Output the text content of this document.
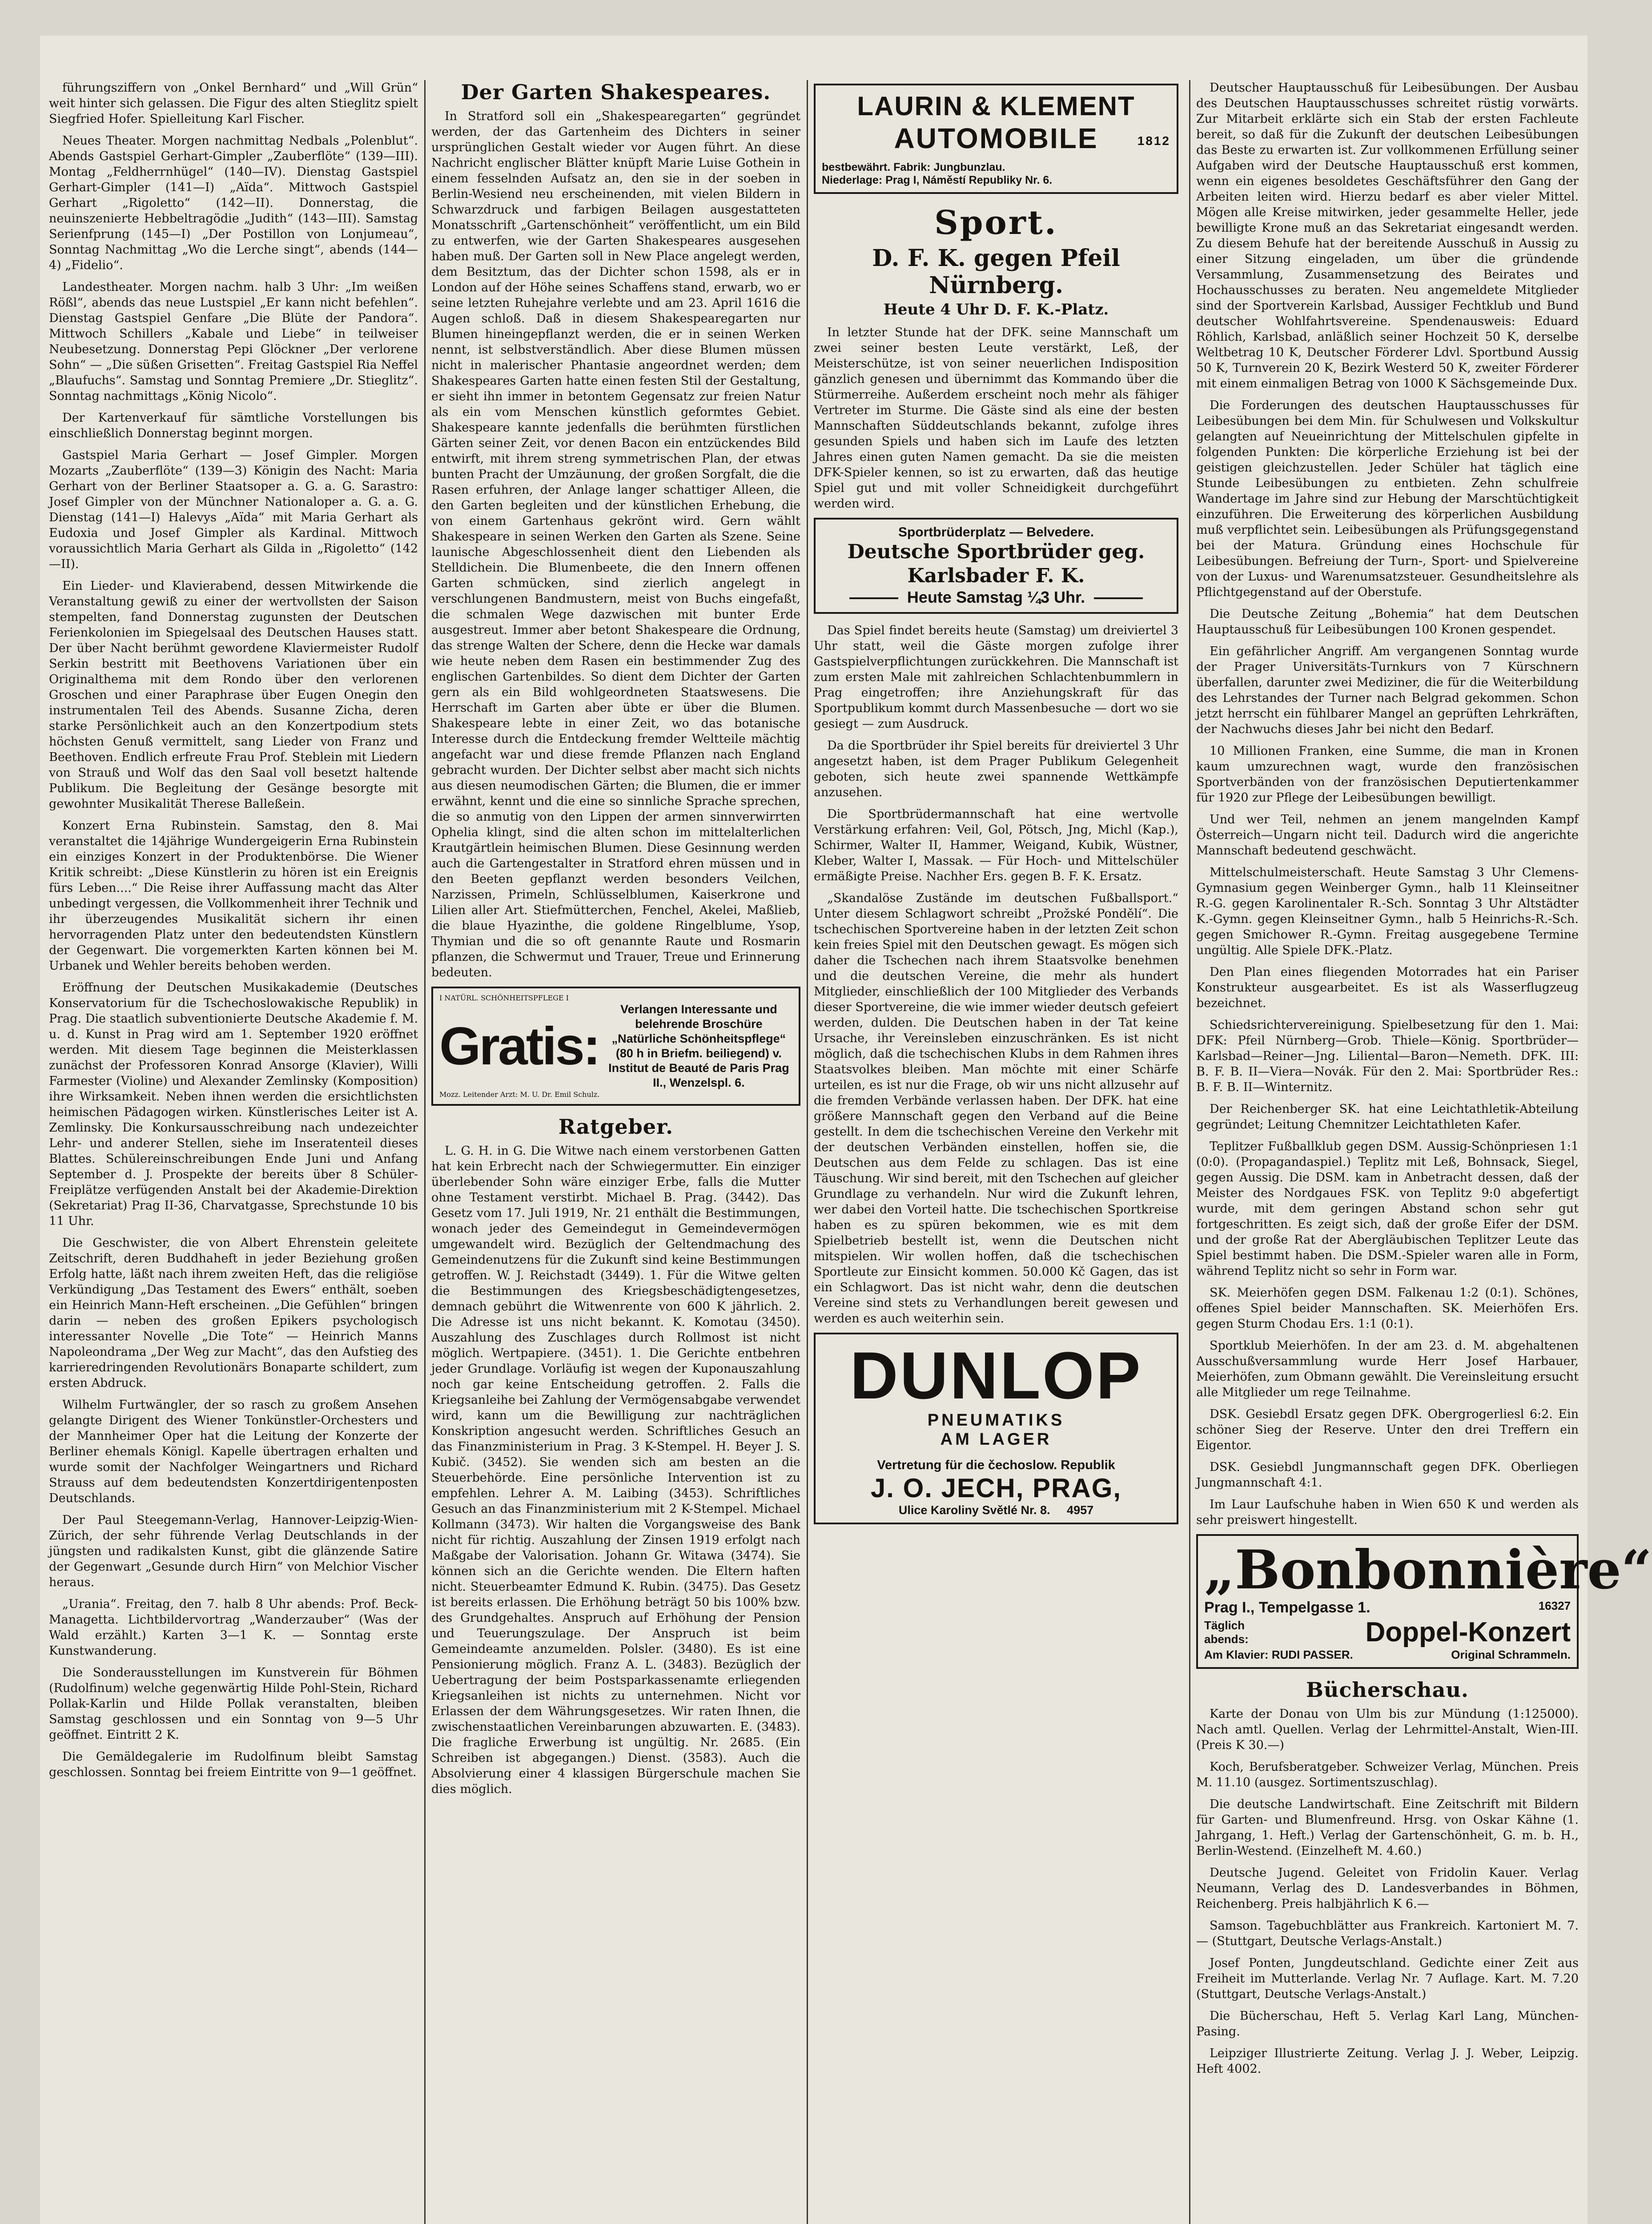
führungsziffern von „Onkel Bernhard“ und „Will Grün“ weit hinter sich gelassen. Die Figur des alten Stieglitz spielt Siegfried Hofer. Spielleitung Karl Fischer.

Neues Theater. Morgen nachmittag Nedbals „Polenblut“. Abends Gastspiel Gerhart-Gimpler „Zauberflöte“ (139—III). Montag „Feldherrnhügel“ (140—IV). Dienstag Gastspiel Gerhart-Gimpler (141—I) „Aïda“. Mittwoch Gastspiel Gerhart „Rigoletto“ (142—II). Donnerstag, die neuinszenierte Hebbeltragödie „Judith“ (143—III). Samstag Serienfprung (145—I) „Der Postillon von Lonjumeau“, Sonntag Nachmittag „Wo die Lerche singt“, abends (144—4) „Fidelio“.

Landestheater. Morgen nachm. halb 3 Uhr: „Im weißen Rößl“, abends das neue Lustspiel „Er kann nicht befehlen“. Dienstag Gastspiel Genfare „Die Blüte der Pandora“. Mittwoch Schillers „Kabale und Liebe“ in teilweiser Neubesetzung. Donnerstag Pepi Glöckner „Der verlorene Sohn“ — „Die süßen Grisetten“. Freitag Gastspiel Ria Neffel „Blaufuchs“. Samstag und Sonntag Premiere „Dr. Stieglitz“. Sonntag nachmittags „König Nicolo“.

Der Kartenverkauf für sämtliche Vorstellungen bis einschließlich Donnerstag beginnt morgen.

Gastspiel Maria Gerhart — Josef Gimpler. Morgen Mozarts „Zauberflöte“ (139—3) Königin des Nacht: Maria Gerhart von der Berliner Staatsoper a. G. a. G. Sarastro: Josef Gimpler von der Münchner Nationaloper a. G. a. G. Dienstag (141—I) Halevys „Aïda“ mit Maria Gerhart als Eudoxia und Josef Gimpler als Kardinal. Mittwoch voraussichtlich Maria Gerhart als Gilda in „Rigoletto“ (142—II).

Ein Lieder- und Klavierabend, dessen Mitwirkende die Veranstaltung gewiß zu einer der wertvollsten der Saison stempelten, fand Donnerstag zugunsten der Deutschen Ferienkolonien im Spiegelsaal des Deutschen Hauses statt. Der über Nacht berühmt gewordene Klaviermeister Rudolf Serkin bestritt mit Beethovens Variationen über ein Originalthema mit dem Rondo über den verlorenen Groschen und einer Paraphrase über Eugen Onegin den instrumentalen Teil des Abends. Susanne Zicha, deren starke Persönlichkeit auch an den Konzertpodium stets höchsten Genuß vermittelt, sang Lieder von Franz und Beethoven. Endlich erfreute Frau Prof. Steblein mit Liedern von Strauß und Wolf das den Saal voll besetzt haltende Publikum. Die Begleitung der Gesänge besorgte mit gewohnter Musikalität Therese Balleßein.

Konzert Erna Rubinstein. Samstag, den 8. Mai veranstaltet die 14jährige Wundergeigerin Erna Rubinstein ein einziges Konzert in der Produktenbörse. Die Wiener Kritik schreibt: „Diese Künstlerin zu hören ist ein Ereignis fürs Leben....“ Die Reise ihrer Auffassung macht das Alter unbedingt vergessen, die Vollkommenheit ihrer Technik und ihr überzeugendes Musikalität sichern ihr einen hervorragenden Platz unter den bedeutendsten Künstlern der Gegenwart. Die vorgemerkten Karten können bei M. Urbanek und Wehler bereits behoben werden.

Eröffnung der Deutschen Musikakademie (Deutsches Konservatorium für die Tschechoslowakische Republik) in Prag. Die staatlich subventionierte Deutsche Akademie f. M. u. d. Kunst in Prag wird am 1. September 1920 eröffnet werden. Mit diesem Tage beginnen die Meisterklassen zunächst der Professoren Konrad Ansorge (Klavier), Willi Farmester (Violine) und Alexander Zemlinsky (Komposition) ihre Wirksamkeit. Neben ihnen werden die ersichtlichsten heimischen Pädagogen wirken. Künstlerisches Leiter ist A. Zemlinsky. Die Konkursausschreibung nach undezeichter Lehr- und anderer Stellen, siehe im Inseratenteil dieses Blattes. Schülereinschreibungen Ende Juni und Anfang September d. J. Prospekte der bereits über 8 Schüler-Freiplätze verfügenden Anstalt bei der Akademie-Direktion (Sekretariat) Prag II-36, Charvatgasse, Sprechstunde 10 bis 11 Uhr.

Die Geschwister, die von Albert Ehrenstein geleitete Zeitschrift, deren Buddhaheft in jeder Beziehung großen Erfolg hatte, läßt nach ihrem zweiten Heft, das die religiöse Verkündigung „Das Testament des Ewers“ enthält, soeben ein Heinrich Mann-Heft erscheinen. „Die Gefühlen“ bringen darin — neben des großen Epikers psychologisch interessanter Novelle „Die Tote“ — Heinrich Manns Napoleondrama „Der Weg zur Macht“, das den Aufstieg des karrieredringenden Revolutionärs Bonaparte schildert, zum ersten Abdruck.

Wilhelm Furtwängler, der so rasch zu großem Ansehen gelangte Dirigent des Wiener Tonkünstler-Orchesters und der Mannheimer Oper hat die Leitung der Konzerte der Berliner ehemals Königl. Kapelle übertragen erhalten und wurde somit der Nachfolger Weingartners und Richard Strauss auf dem bedeutendsten Konzertdirigentenposten Deutschlands.

Der Paul Steegemann-Verlag, Hannover-Leipzig-Wien-Zürich, der sehr führende Verlag Deutschlands in der jüngsten und radikalsten Kunst, gibt die glänzende Satire der Gegenwart „Gesunde durch Hirn“ von Melchior Vischer heraus.

„Urania“. Freitag, den 7. halb 8 Uhr abends: Prof. Beck-Managetta. Lichtbildervortrag „Wanderzauber“ (Was der Wald erzählt.) Karten 3—1 K. — Sonntag erste Kunstwanderung.

Die Sonderausstellungen im Kunstverein für Böhmen (Rudolfinum) welche gegenwärtig Hilde Pohl-Stein, Richard Pollak-Karlin und Hilde Pollak veranstalten, bleiben Samstag geschlossen und ein Sonntag von 9—5 Uhr geöffnet. Eintritt 2 K.

Die Gemäldegalerie im Rudolfinum bleibt Samstag geschlossen. Sonntag bei freiem Eintritte von 9—1 geöffnet.

Der Garten Shakespeares.

In Stratford soll ein „Shakespearegarten“ gegründet werden, der das Gartenheim des Dichters in seiner ursprünglichen Gestalt wieder vor Augen führt. An diese Nachricht englischer Blätter knüpft Marie Luise Gothein in einem fesselnden Aufsatz an, den sie in der soeben in Berlin-Wesiend neu erscheinenden, mit vielen Bildern in Schwarzdruck und farbigen Beilagen ausgestatteten Monatsschrift „Gartenschönheit“ veröffentlicht, um ein Bild zu entwerfen, wie der Garten Shakespeares ausgesehen haben muß. Der Garten soll in New Place angelegt werden, dem Besitztum, das der Dichter schon 1598, als er in London auf der Höhe seines Schaffens stand, erwarb, wo er seine letzten Ruhejahre verlebte und am 23. April 1616 die Augen schloß. Daß in diesem Shakespearegarten nur Blumen hineingepflanzt werden, die er in seinen Werken nennt, ist selbstverständlich. Aber diese Blumen müssen nicht in malerischer Phantasie angeordnet werden; dem Shakespeares Garten hatte einen festen Stil der Gestaltung, er sieht ihn immer in betontem Gegensatz zur freien Natur als ein vom Menschen künstlich geformtes Gebiet. Shakespeare kannte jedenfalls die berühmten fürstlichen Gärten seiner Zeit, vor denen Bacon ein entzückendes Bild entwirft, mit ihrem streng symmetrischen Plan, der etwas bunten Pracht der Umzäunung, der großen Sorgfalt, die die Rasen erfuhren, der Anlage langer schattiger Alleen, die den Garten begleiten und der künstlichen Erhebung, die von einem Gartenhaus gekrönt wird. Gern wählt Shakespeare in seinen Werken den Garten als Szene. Seine launische Abgeschlossenheit dient den Liebenden als Stelldichein. Die Blumenbeete, die den Innern offenen Garten schmücken, sind zierlich angelegt in verschlungenen Bandmustern, meist von Buchs eingefaßt, die schmalen Wege dazwischen mit bunter Erde ausgestreut. Immer aber betont Shakespeare die Ordnung, das strenge Walten der Schere, denn die Hecke war damals wie heute neben dem Rasen ein bestimmender Zug des englischen Gartenbildes. So dient dem Dichter der Garten gern als ein Bild wohlgeordneten Staatswesens. Die Herrschaft im Garten aber übte er über die Blumen. Shakespeare lebte in einer Zeit, wo das botanische Interesse durch die Entdeckung fremder Weltteile mächtig angefacht war und diese fremde Pflanzen nach England gebracht wurden. Der Dichter selbst aber macht sich nichts aus diesen neumodischen Gärten; die Blumen, die er immer erwähnt, kennt und die eine so sinnliche Sprache sprechen, die so anmutig von den Lippen der armen sinnverwirrten Ophelia klingt, sind die alten schon im mittelalterlichen Krautgärtlein heimischen Blumen. Diese Gesinnung werden auch die Gartengestalter in Stratford ehren müssen und in den Beeten gepflanzt werden besonders Veilchen, Narzissen, Primeln, Schlüsselblumen, Kaiserkrone und Lilien aller Art. Stiefmütterchen, Fenchel, Akelei, Maßlieb, die blaue Hyazinthe, die goldene Ringelblume, Ysop, Thymian und die so oft genannte Raute und Rosmarin pflanzen, die Schwermut und Trauer, Treue und Erinnerung bedeuten.

I NATÜRL. SCHÖNHEITSPFLEGE I
Gratis:
Verlangen Interessante und belehrende Broschüre „Natürliche Schönheitspflege“ (80 h in Briefm. beiliegend) v. Institut de Beauté de Paris Prag II., Wenzelspl. 6.
Mozz. Leitender Arzt: M. U. Dr. Emil Schulz.
Ratgeber.

L. G. H. in G. Die Witwe nach einem verstorbenen Gatten hat kein Erbrecht nach der Schwiegermutter. Ein einziger überlebender Sohn wäre einziger Erbe, falls die Mutter ohne Testament verstirbt. Michael B. Prag. (3442). Das Gesetz vom 17. Juli 1919, Nr. 21 enthält die Bestimmungen, wonach jeder des Gemeindegut in Gemeindevermögen umgewandelt wird. Bezüglich der Geltendmachung des Gemeindenutzens für die Zukunft sind keine Bestimmungen getroffen. W. J. Reichstadt (3449). 1. Für die Witwe gelten die Bestimmungen des Kriegsbeschädigtengesetzes, demnach gebührt die Witwenrente von 600 K jährlich. 2. Die Adresse ist uns nicht bekannt. K. Komotau (3450). Auszahlung des Zuschlages durch Rollmost ist nicht möglich. Wertpapiere. (3451). 1. Die Gerichte entbehren jeder Grundlage. Vorläufig ist wegen der Kuponauszahlung noch gar keine Entscheidung getroffen. 2. Falls die Kriegsanleihe bei Zahlung der Vermögensabgabe verwendet wird, kann um die Bewilligung zur nachträglichen Konskription angesucht werden. Schriftliches Gesuch an das Finanzministerium in Prag. 3 K-Stempel. H. Beyer J. S. Kubič. (3452). Sie wenden sich am besten an die Steuerbehörde. Eine persönliche Intervention ist zu empfehlen. Lehrer A. M. Laibing (3453). Schriftliches Gesuch an das Finanzministerium mit 2 K-Stempel. Michael Kollmann (3473). Wir halten die Vorgangsweise des Bank nicht für richtig. Auszahlung der Zinsen 1919 erfolgt nach Maßgabe der Valorisation. Johann Gr. Witawa (3474). Sie können sich an die Gerichte wenden. Die Eltern haften nicht. Steuerbeamter Edmund K. Rubin. (3475). Das Gesetz ist bereits erlassen. Die Erhöhung beträgt 50 bis 100% bzw. des Grundgehaltes. Anspruch auf Erhöhung der Pension und Teuerungszulage. Der Anspruch ist beim Gemeindeamte anzumelden. Polsler. (3480). Es ist eine Pensionierung möglich. Franz A. L. (3483). Bezüglich der Uebertragung der beim Postsparkassenamte erliegenden Kriegsanleihen ist nichts zu unternehmen. Nicht vor Erlassen der dem Währungsgesetzes. Wir raten Ihnen, die zwischenstaatlichen Vereinbarungen abzuwarten. E. (3483). Die fragliche Erwerbung ist ungültig. Nr. 2685. (Ein Schreiben ist abgegangen.) Dienst. (3583). Auch die Absolvierung einer 4 klassigen Bürgerschule machen Sie dies möglich.

LAURIN & KLEMENT
AUTOMOBILE	1812
bestbewährt. Fabrik: Jungbunzlau.
Niederlage: Prag I, Náměstí Republiky Nr. 6.
Sport.
D. F. K. gegen Pfeil Nürnberg.
Heute 4 Uhr D. F. K.-Platz.

In letzter Stunde hat der DFK. seine Mannschaft um zwei seiner besten Leute verstärkt, Leß, der Meisterschütze, ist von seiner neuerlichen Indisposition gänzlich genesen und übernimmt das Kommando über die Stürmerreihe. Außerdem erscheint noch mehr als fähiger Vertreter im Sturme. Die Gäste sind als eine der besten Mannschaften Süddeutschlands bekannt, zufolge ihres gesunden Spiels und haben sich im Laufe des letzten Jahres einen guten Namen gemacht. Da sie die meisten DFK-Spieler kennen, so ist zu erwarten, daß das heutige Spiel gut und mit voller Schneidigkeit durchgeführt werden wird.

Sportbrüderplatz — Belvedere.
Deutsche Sportbrüder geg. Karlsbader F. K.
Heute Samstag ¼3 Uhr.

Das Spiel findet bereits heute (Samstag) um dreiviertel 3 Uhr statt, weil die Gäste morgen zufolge ihrer Gastspielverpflichtungen zurückkehren. Die Mannschaft ist zum ersten Male mit zahlreichen Schlachtenbummlern in Prag eingetroffen; ihre Anziehungskraft für das Sportpublikum kommt durch Massenbesuche — dort wo sie gesiegt — zum Ausdruck.

Da die Sportbrüder ihr Spiel bereits für dreiviertel 3 Uhr angesetzt haben, ist dem Prager Publikum Gelegenheit geboten, sich heute zwei spannende Wettkämpfe anzusehen.

Die Sportbrüdermannschaft hat eine wertvolle Verstärkung erfahren: Veil, Gol, Pötsch, Jng, Michl (Kap.), Schirmer, Walter II, Hammer, Weigand, Kubik, Wüstner, Kleber, Walter I, Massak. — Für Hoch- und Mittelschüler ermäßigte Preise. Nachher Ers. gegen B. F. K. Ersatz.

„Skandalöse Zustände im deutschen Fußballsport.“ Unter diesem Schlagwort schreibt „Prožské Pondělí“. Die tschechischen Sportvereine haben in der letzten Zeit schon kein freies Spiel mit den Deutschen gewagt. Es mögen sich daher die Tschechen nach ihrem Staatsvolke benehmen und die deutschen Vereine, die mehr als hundert Mitglieder, einschließlich der 100 Mitglieder des Verbands dieser Sportvereine, die wie immer wieder deutsch gefeiert werden, dulden. Die Deutschen haben in der Tat keine Ursache, ihr Vereinsleben einzuschränken. Es ist nicht möglich, daß die tschechischen Klubs in dem Rahmen ihres Staatsvolkes bleiben. Man möchte mit einer Schärfe urteilen, es ist nur die Frage, ob wir uns nicht allzusehr auf die fremden Verbände verlassen haben. Der DFK. hat eine größere Mannschaft gegen den Verband auf die Beine gestellt. In dem die tschechischen Vereine den Verkehr mit der deutschen Verbänden einstellen, hoffen sie, die Deutschen aus dem Felde zu schlagen. Das ist eine Täuschung. Wir sind bereit, mit den Tschechen auf gleicher Grundlage zu verhandeln. Nur wird die Zukunft lehren, wer dabei den Vorteil hatte. Die tschechischen Sportkreise haben es zu spüren bekommen, wie es mit dem Spielbetrieb bestellt ist, wenn die Deutschen nicht mitspielen. Wir wollen hoffen, daß die tschechischen Sportleute zur Einsicht kommen. 50.000 Kč Gagen, das ist ein Schlagwort. Das ist nicht wahr, denn die deutschen Vereine sind stets zu Verhandlungen bereit gewesen und werden es auch weiterhin sein.

DUNLOP
PNEUMATIKS
AM LAGER
Vertretung für die čechoslow. Republik
J. O. JECH, PRAG,
Ulice Karoliny Světlé Nr. 8. 4957

Deutscher Hauptausschuß für Leibesübungen. Der Ausbau des Deutschen Hauptausschusses schreitet rüstig vorwärts. Zur Mitarbeit erklärte sich ein Stab der ersten Fachleute bereit, so daß für die Zukunft der deutschen Leibesübungen das Beste zu erwarten ist. Zur vollkommenen Erfüllung seiner Aufgaben wird der Deutsche Hauptausschuß erst kommen, wenn ein eigenes besoldetes Geschäftsführer den Gang der Arbeiten leiten wird. Hierzu bedarf es aber vieler Mittel. Mögen alle Kreise mitwirken, jeder gesammelte Heller, jede bewilligte Krone muß an das Sekretariat eingesandt werden. Zu diesem Behufe hat der bereitende Ausschuß in Aussig zu einer Sitzung eingeladen, um über die gründende Versammlung, Zusammensetzung des Beirates und Hochausschusses zu beraten. Neu angemeldete Mitglieder sind der Sportverein Karlsbad, Aussiger Fechtklub und Bund deutscher Wohlfahrtsvereine. Spendenausweis: Eduard Röhlich, Karlsbad, anläßlich seiner Hochzeit 50 K, derselbe Weltbetrag 10 K, Deutscher Förderer Ldvl. Sportbund Aussig 50 K, Turnverein 20 K, Bezirk Westerd 50 K, zweiter Förderer mit einem einmaligen Betrag von 1000 K Sächsgemeinde Dux.

Die Forderungen des deutschen Hauptausschusses für Leibesübungen bei dem Min. für Schulwesen und Volkskultur gelangten auf Neueinrichtung der Mittelschulen gipfelte in folgenden Punkten: Die körperliche Erziehung ist bei der geistigen gleichzustellen. Jeder Schüler hat täglich eine Stunde Leibesübungen zu entbieten. Zehn schulfreie Wandertage im Jahre sind zur Hebung der Marschtüchtigkeit einzuführen. Die Erweiterung des körperlichen Ausbildung muß verpflichtet sein. Leibesübungen als Prüfungsgegenstand bei der Matura. Gründung eines Hochschule für Leibesübungen. Befreiung der Turn-, Sport- und Spielvereine von der Luxus- und Warenumsatzsteuer. Gesundheitslehre als Pflichtgegenstand auf der Oberstufe.

Die Deutsche Zeitung „Bohemia“ hat dem Deutschen Hauptausschuß für Leibesübungen 100 Kronen gespendet.

Ein gefährlicher Angriff. Am vergangenen Sonntag wurde der Prager Universitäts-Turnkurs von 7 Kürschnern überfallen, darunter zwei Mediziner, die für die Weiterbildung des Lehrstandes der Turner nach Belgrad gekommen. Schon jetzt herrscht ein fühlbarer Mangel an geprüften Lehrkräften, der Nachwuchs dieses Jahr bei nicht den Bedarf.

10 Millionen Franken, eine Summe, die man in Kronen kaum umzurechnen wagt, wurde den französischen Sportverbänden von der französischen Deputiertenkammer für 1920 zur Pflege der Leibesübungen bewilligt.

Und wer Teil, nehmen an jenem mangelnden Kampf Österreich—Ungarn nicht teil. Dadurch wird die angerichte Mannschaft bedeutend geschwächt.

Mittelschulmeisterschaft. Heute Samstag 3 Uhr Clemens-Gymnasium gegen Weinberger Gymn., halb 11 Kleinseitner R.-G. gegen Karolinentaler R.-Sch. Sonntag 3 Uhr Altstädter K.-Gymn. gegen Kleinseitner Gymn., halb 5 Heinrichs-R.-Sch. gegen Smichower R.-Gymn. Freitag ausgegebene Termine ungültig. Alle Spiele DFK.-Platz.

Den Plan eines fliegenden Motorrades hat ein Pariser Konstrukteur ausgearbeitet. Es ist als Wasserflugzeug bezeichnet.

Schiedsrichtervereinigung. Spielbesetzung für den 1. Mai: DFK: Pfeil Nürnberg—Grob. Thiele—König. Sportbrüder—Karlsbad—Reiner—Jng. Liliental—Baron—Nemeth. DFK. III: B. F. B. II—Viera—Novák. Für den 2. Mai: Sportbrüder Res.: B. F. B. II—Winternitz.

Der Reichenberger SK. hat eine Leichtathletik-Abteilung gegründet; Leitung Chemnitzer Leichtathleten Kafer.

Teplitzer Fußballklub gegen DSM. Aussig-Schönpriesen 1:1 (0:0). (Propagandaspiel.) Teplitz mit Leß, Bohnsack, Siegel, gegen Aussig. Die DSM. kam in Anbetracht dessen, daß der Meister des Nordgaues FSK. von Teplitz 9:0 abgefertigt wurde, mit dem geringen Abstand schon sehr gut fortgeschritten. Es zeigt sich, daß der große Eifer der DSM. und der große Rat der Abergläubischen Teplitzer Leute das Spiel bestimmt haben. Die DSM.-Spieler waren alle in Form, während Teplitz nicht so sehr in Form war.

SK. Meierhöfen gegen DSM. Falkenau 1:2 (0:1). Schönes, offenes Spiel beider Mannschaften. SK. Meierhöfen Ers. gegen Sturm Chodau Ers. 1:1 (0:1).

Sportklub Meierhöfen. In der am 23. d. M. abgehaltenen Ausschußversammlung wurde Herr Josef Harbauer, Meierhöfen, zum Obmann gewählt. Die Vereinsleitung ersucht alle Mitglieder um rege Teilnahme.

DSK. Gesiebdl Ersatz gegen DFK. Obergrogerliesl 6:2. Ein schöner Sieg der Reserve. Unter den drei Treffern ein Eigentor.

DSK. Gesiebdl Jungmannschaft gegen DFK. Oberliegen Jungmannschaft 4:1.

Im Laur Laufschuhe haben in Wien 650 K und werden als sehr preiswert hingestellt.

„Bonbonnière“
Prag I., Tempelgasse 1.	16327
Täglich abends:	Doppel-Konzert
Am Klavier: RUDI PASSER.	Original Schrammeln.
Bücherschau.

Karte der Donau von Ulm bis zur Mündung (1:125000). Nach amtl. Quellen. Verlag der Lehrmittel-Anstalt, Wien-III. (Preis K 30.—)

Koch, Berufsberatgeber. Schweizer Verlag, München. Preis M. 11.10 (ausgez. Sortimentszuschlag).

Die deutsche Landwirtschaft. Eine Zeitschrift mit Bildern für Garten- und Blumenfreund. Hrsg. von Oskar Kähne (1. Jahrgang, 1. Heft.) Verlag der Gartenschönheit, G. m. b. H., Berlin-Westend. (Einzelheft M. 4.60.)

Deutsche Jugend. Geleitet von Fridolin Kauer. Verlag Neumann, Verlag des D. Landesverbandes in Böhmen, Reichenberg. Preis halbjährlich K 6.—

Samson. Tagebuchblätter aus Frankreich. Kartoniert M. 7.— (Stuttgart, Deutsche Verlags-Anstalt.)

Josef Ponten, Jungdeutschland. Gedichte einer Zeit aus Freiheit im Mutterlande. Verlag Nr. 7 Auflage. Kart. M. 7.20 (Stuttgart, Deutsche Verlags-Anstalt.)

Die Bücherschau, Heft 5. Verlag Karl Lang, München-Pasing.

Leipziger Illustrierte Zeitung. Verlag J. J. Weber, Leipzig. Heft 4002.
